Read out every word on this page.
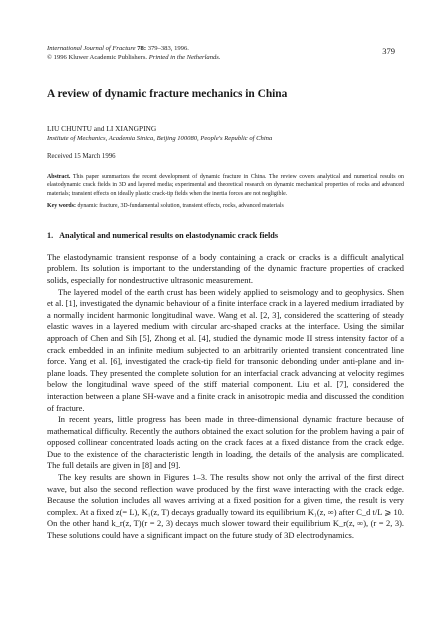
379
International Journal of Fracture 78: 379–383, 1996.
© 1996 Kluwer Academic Publishers. Printed in the Netherlands.
A review of dynamic fracture mechanics in China
LIU CHUNTU and LI XIANGPING
Institute of Mechanics, Academia Sinica, Beijing 100080, People's Republic of China
Received 15 March 1996
Abstract. This paper summarizes the recent development of dynamic fracture in China. The review covers analytical and numerical results on elastodynamic crack fields in 3D and layered media; experimental and theoretical research on dynamic mechanical properties of rocks and advanced materials; transient effects on ideally plastic crack-tip fields when the inertia forces are not negligible.
Key words: dynamic fracture, 3D-fundamental solution, transient effects, rocks, advanced materials
1. Analytical and numerical results on elastodynamic crack fields

The elastodynamic transient response of a body containing a crack or cracks is a difficult analytical problem. Its solution is important to the understanding of the dynamic fracture properties of cracked solids, especially for nondestructive ultrasonic measurement.

The layered model of the earth crust has been widely applied to seismology and to geophysics. Shen et al. [1], investigated the dynamic behaviour of a finite interface crack in a layered medium irradiated by a normally incident harmonic longitudinal wave. Wang et al. [2, 3], considered the scattering of steady elastic waves in a layered medium with circular arc-shaped cracks at the interface. Using the similar approach of Chen and Sih [5], Zhong et al. [4], studied the dynamic mode II stress intensity factor of a crack embedded in an infinite medium subjected to an arbitrarily oriented transient concentrated line force. Yang et al. [6], investigated the crack-tip field for transonic debonding under anti-plane and in-plane loads. They presented the complete solution for an interfacial crack advancing at velocity regimes below the longitudinal wave speed of the stiff material component. Liu et al. [7], considered the interaction between a plane SH-wave and a finite crack in anisotropic media and discussed the condition of fracture.

In recent years, little progress has been made in three-dimensional dynamic fracture because of mathematical difficulty. Recently the authors obtained the exact solution for the problem having a pair of opposed collinear concentrated loads acting on the crack faces at a fixed distance from the crack edge. Due to the existence of the characteristic length in loading, the details of the analysis are complicated. The full details are given in [8] and [9].

The key results are shown in Figures 1–3. The results show not only the arrival of the first direct wave, but also the second reflection wave produced by the first wave interacting with the crack edge. Because the solution includes all waves arriving at a fixed position for a given time, the result is very complex. At a fixed z(= L), K₁(z, T) decays gradually toward its equilibrium K₁(z, ∞) after C_d t/L ⩾ 10. On the other hand k_r(z, T)(r = 2, 3) decays much slower toward their equilibrium K_r(z, ∞), (r = 2, 3). These solutions could have a significant impact on the future study of 3D electrodynamics.
